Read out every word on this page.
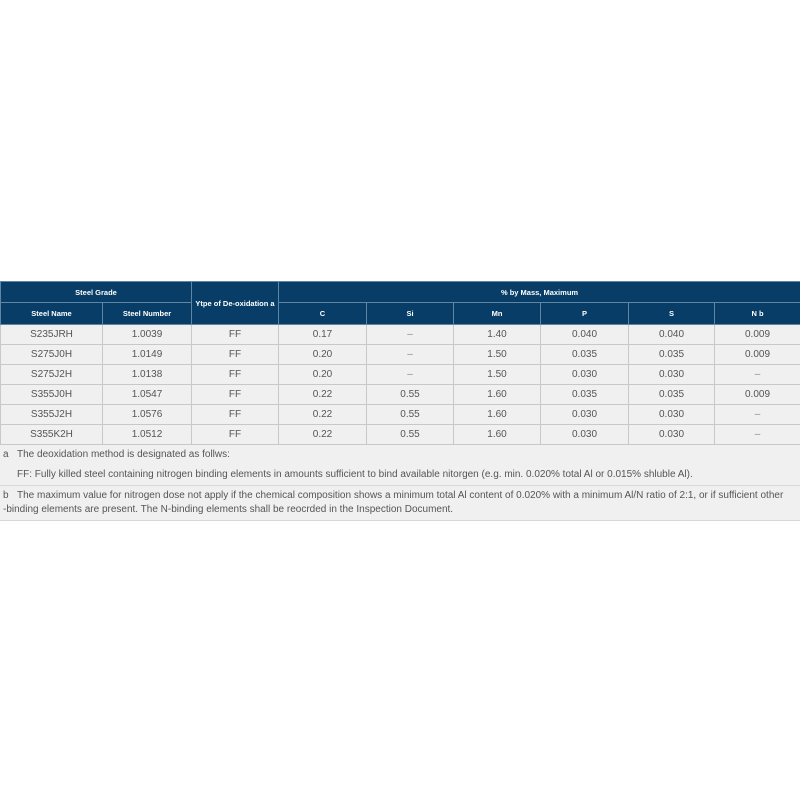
Steel Grade		Ytpe of De-oxidation a	% by Mass, Maximum					
Steel Name	Steel Number		C	Si	Mn	P	S	N b
S235JRH	1.0039	FF	0.17	–	1.40	0.040	0.040	0.009
S275J0H	1.0149	FF	0.20	–	1.50	0.035	0.035	0.009
S275J2H	1.0138	FF	0.20	–	1.50	0.030	0.030	–
S355J0H	1.0547	FF	0.22	0.55	1.60	0.035	0.035	0.009
S355J2H	1.0576	FF	0.22	0.55	1.60	0.030	0.030	–
S355K2H	1.0512	FF	0.22	0.55	1.60	0.030	0.030	–
a The deoxidation method is designated as follws:
FF: Fully killed steel containing nitrogen binding elements in amounts sufficient to bind available nitorgen (e.g. min. 0.020% total Al or 0.015% shluble Al).
b The maximum value for nitrogen dose not apply if the chemical composition shows a minimum total Al content of 0.020% with a minimum Al/N ratio of 2:1, or if sufficient other
-binding elements are present. The N-binding elements shall be reocrded in the Inspection Document.
